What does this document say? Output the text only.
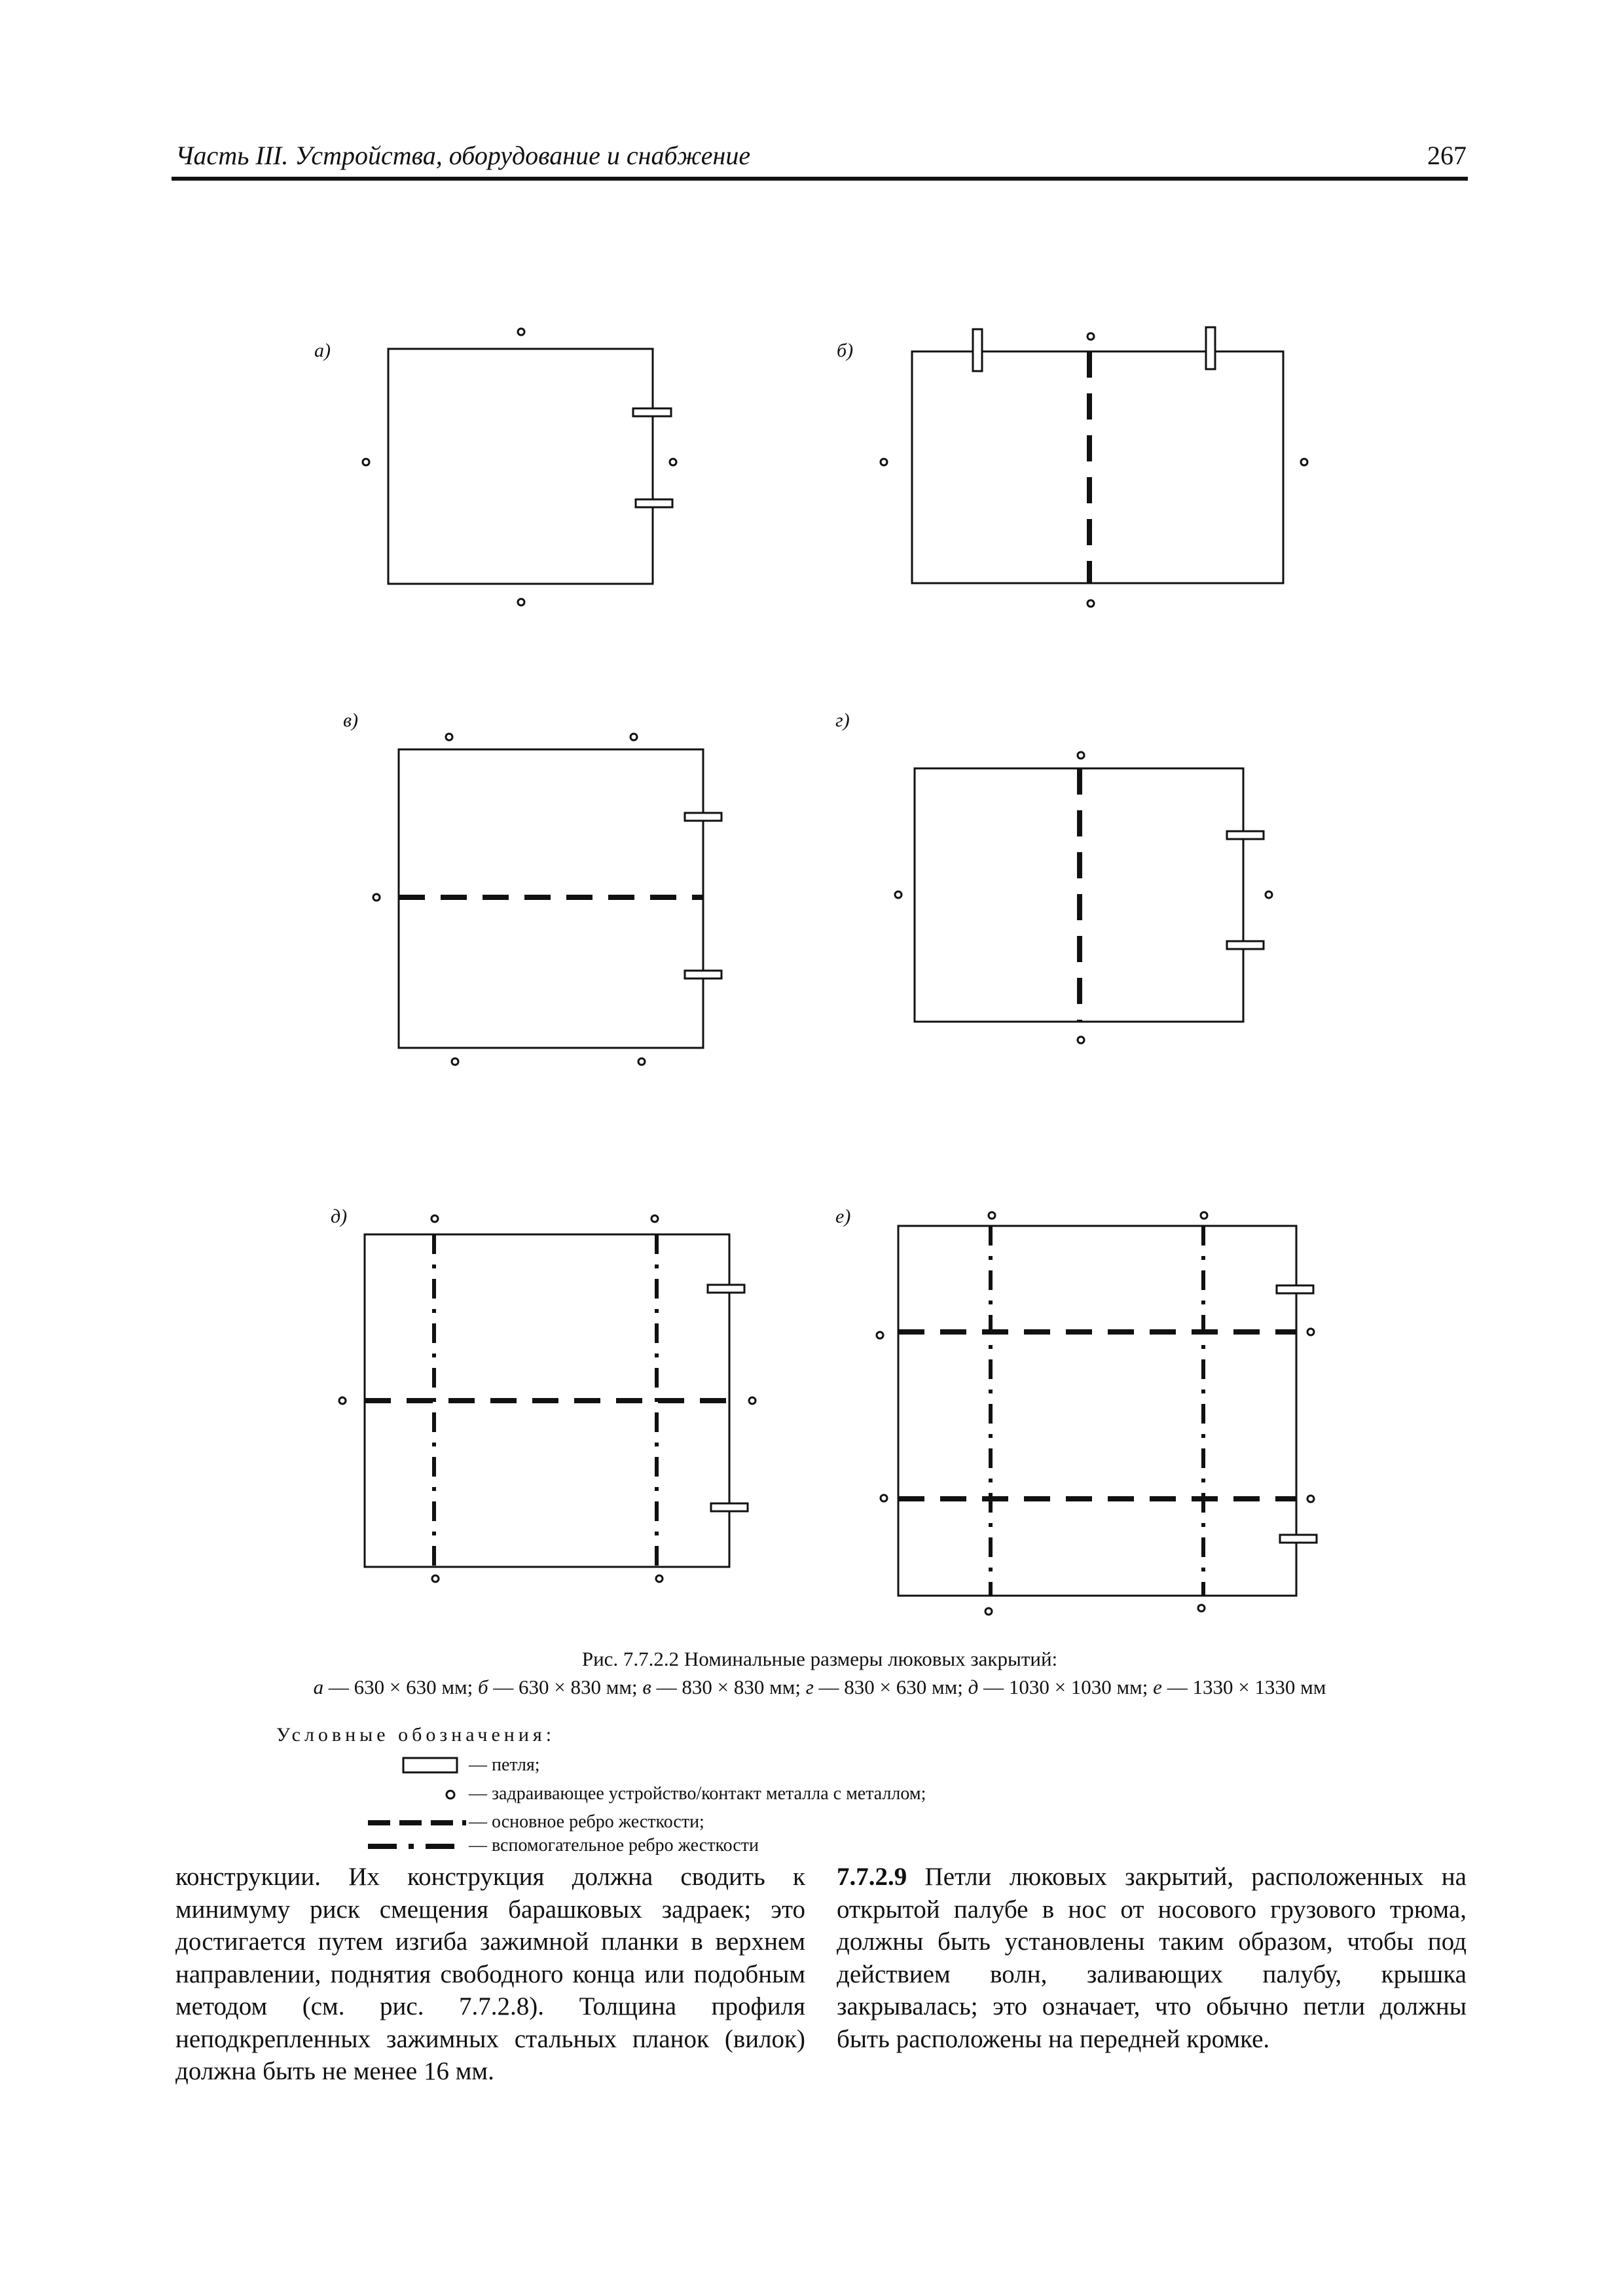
Часть III. Устройства, оборудование и снабжение	267
а)	б)
в)	г)
д)	е)
Рис. 7.7.2.2 Номинальные размеры люковых закрытий:
а — 630 × 630 мм; б — 630 × 830 мм; в — 830 × 830 мм; г — 830 × 630 мм; д — 1030 × 1030 мм; е — 1330 × 1330 мм
Условные обозначения:
— петля;
— задраивающее устройство/контакт металла с металлом;
— основное ребро жесткости;
— вспомогательное ребро жесткости

конструкции. Их конструкция должна сводить к минимуму риск смещения барашковых задраек; это достигается путем изгиба зажимной планки в верхнем направлении, поднятия свободного конца или подобным методом (см. рис. 7.7.2.8). Толщина профиля неподкрепленных зажимных стальных планок (вилок) должна быть не менее 16 мм.

7.7.2.9 Петли люковых закрытий, расположенных на открытой палубе в нос от носового грузового трюма, должны быть установлены таким образом, чтобы под действием волн, заливающих палубу, крышка закрывалась; это означает, что обычно петли должны быть расположены на передней кромке.
